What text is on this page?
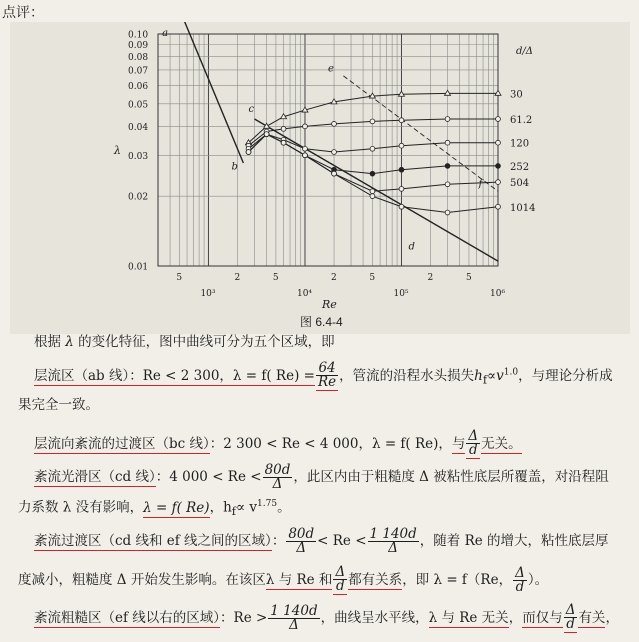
点评：
0.10
0.09
0.08
0.07
0.06
0.05
0.04
0.03
0.02
0.01
λ
10³	10⁴	10⁵	10⁶
5	2	5	2	5	2	5
Re
30
61.2
120
252
504
1014
d/Δ
a
b
c
d
e
f
图 6.4-4
根据 λ 的变化特征，图中曲线可分为五个区域，即
层流区（ab 线）：Re < 2 300，λ = f( $Re) = \frac{64}{Re}$ ，管流的沿程水头损失$h_f\propto v^{1.0}$，与理论分析成
果完全一致。
层流向紊流的过渡区（bc 线）：2 300 < Re < 4 000，λ = f( Re)，与 $\frac{\Delta}{d}$ 无关。
紊流光滑区（cd 线）：4 $000 < Re < \frac{80d}{\Delta}$ ，此区内由于粗糙度 Δ 被粘性底层所覆盖，对沿程阻
力系数 λ 没有影响，λ = f( Re)，$h_f\propto v^{1.75}$。
紊流过渡区（cd 线和 ef 线之间的区域）： $\frac{80d}{\Delta} < Re < \frac{1 140d}{\Delta}$ ，随着 Re 的增大，粘性底层厚
度减小，粗糙度 Δ 开始发生影响。在该区λ 与 Re 和 $\frac{\Delta}{d}$ 都有关系，即 λ = f（Re， $\frac{\Delta}{d}$ ）。
紊流粗糙区（ef 线以右的区域）：$Re > \frac{1 140d}{\Delta}$ ，曲线呈水平线，λ 与 Re 无关，而仅与 $\frac{\Delta}{d}$ 有关，
